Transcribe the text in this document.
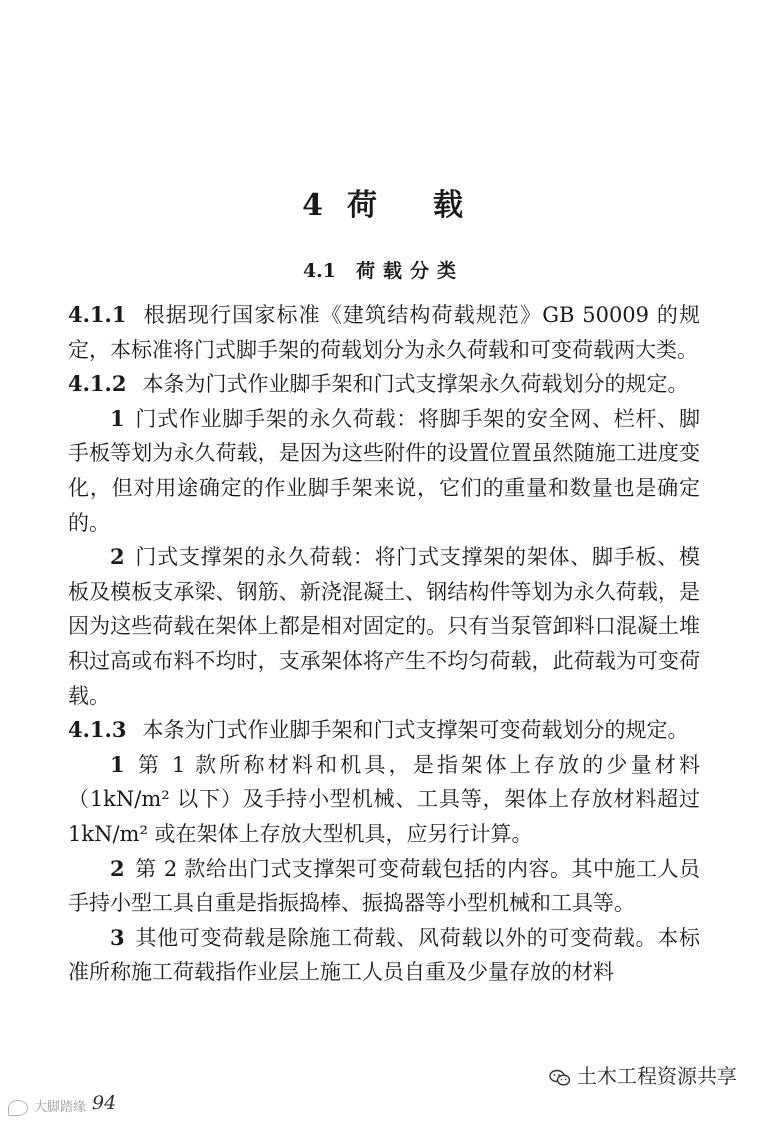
4 荷 载
4.1 荷载分类

4.1.1 根据现行国家标准《建筑结构荷载规范》GB 50009 的规定，本标准将门式脚手架的荷载划分为永久荷载和可变荷载两大类。

4.1.2 本条为门式作业脚手架和门式支撑架永久荷载划分的规定。

1 门式作业脚手架的永久荷载：将脚手架的安全网、栏杆、脚手板等划为永久荷载，是因为这些附件的设置位置虽然随施工进度变化，但对用途确定的作业脚手架来说，它们的重量和数量也是确定的。

2 门式支撑架的永久荷载：将门式支撑架的架体、脚手板、模板及模板支承梁、钢筋、新浇混凝土、钢结构件等划为永久荷载，是因为这些荷载在架体上都是相对固定的。只有当泵管卸料口混凝土堆积过高或布料不均时，支承架体将产生不均匀荷载，此荷载为可变荷载。

4.1.3 本条为门式作业脚手架和门式支撑架可变荷载划分的规定。

1 第 1 款所称材料和机具，是指架体上存放的少量材料（1kN/m² 以下）及手持小型机械、工具等，架体上存放材料超过 1kN/m² 或在架体上存放大型机具，应另行计算。

2 第 2 款给出门式支撑架可变荷载包括的内容。其中施工人员手持小型工具自重是指振捣棒、振捣器等小型机械和工具等。

3 其他可变荷载是除施工荷载、风荷载以外的可变荷载。本标准所称施工荷载指作业层上施工人员自重及少量存放的材料

大脚踏缘 94
土木工程资源共享
